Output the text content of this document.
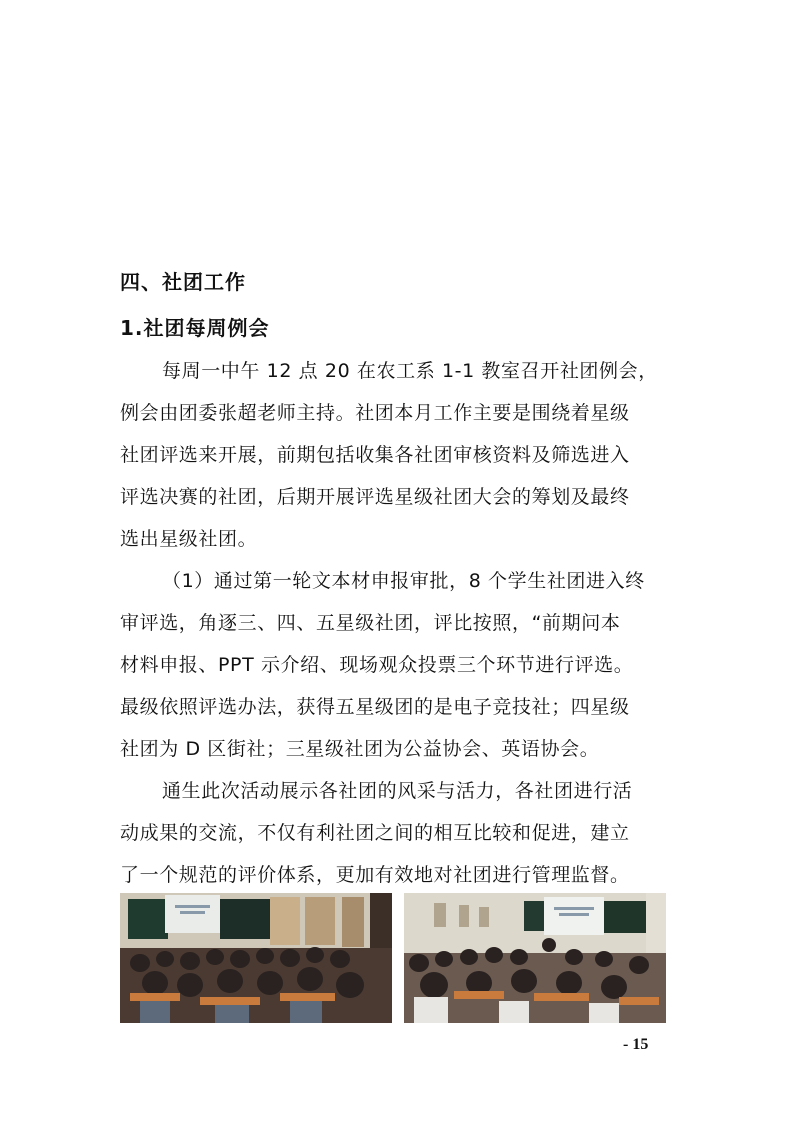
四、社团工作
1.社团每周例会
每周一中午 12 点 20 在农工系 1-1 教室召开社团例会，
例会由团委张超老师主持。社团本月工作主要是围绕着星级
社团评选来开展，前期包括收集各社团审核资料及筛选进入
评选决赛的社团，后期开展评选星级社团大会的筹划及最终
选出星级社团。
（1）通过第一轮文本材申报审批，8 个学生社团进入终
审评选，角逐三、四、五星级社团，评比按照，“前期问本
材料申报、PPT 示介绍、现场观众投票三个环节进行评选。
最级依照评选办法，获得五星级团的是电子竞技社；四星级
社团为 D 区街社；三星级社团为公益协会、英语协会。
通生此次活动展示各社团的风采与活力，各社团进行活
动成果的交流，不仅有利社团之间的相互比较和促进，建立
了一个规范的评价体系，更加有效地对社团进行管理监督。
- 15
